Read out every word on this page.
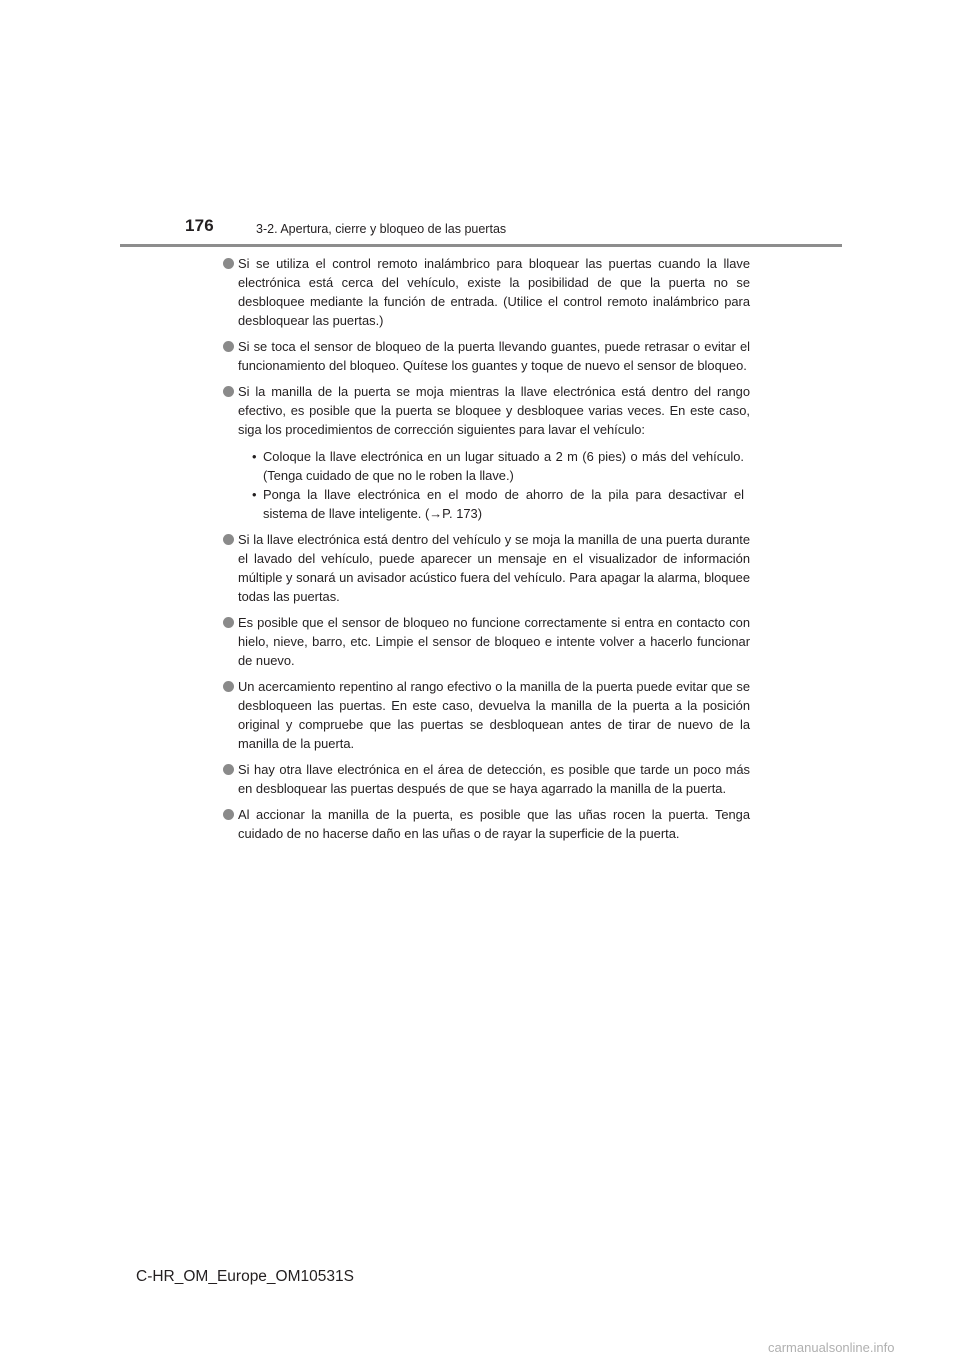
176	3-2. Apertura, cierre y bloqueo de las puertas
Si se utiliza el control remoto inalámbrico para bloquear las puertas cuando la llave electrónica está cerca del vehículo, existe la posibilidad de que la puerta no se desbloquee mediante la función de entrada. (Utilice el control remoto inalámbrico para desbloquear las puertas.)
Si se toca el sensor de bloqueo de la puerta llevando guantes, puede retrasar o evitar el funcionamiento del bloqueo. Quítese los guantes y toque de nuevo el sensor de bloqueo.
Si la manilla de la puerta se moja mientras la llave electrónica está dentro del rango efectivo, es posible que la puerta se bloquee y desbloquee varias veces. En este caso, siga los procedimientos de corrección siguientes para lavar el vehículo:
• Coloque la llave electrónica en un lugar situado a 2 m (6 pies) o más del vehículo. (Tenga cuidado de que no le roben la llave.)
• Ponga la llave electrónica en el modo de ahorro de la pila para desactivar el sistema de llave inteligente. (→P. 173)
Si la llave electrónica está dentro del vehículo y se moja la manilla de una puerta durante el lavado del vehículo, puede aparecer un mensaje en el visualizador de información múltiple y sonará un avisador acústico fuera del vehículo. Para apagar la alarma, bloquee todas las puertas.
Es posible que el sensor de bloqueo no funcione correctamente si entra en contacto con hielo, nieve, barro, etc. Limpie el sensor de bloqueo e intente volver a hacerlo funcionar de nuevo.
Un acercamiento repentino al rango efectivo o la manilla de la puerta puede evitar que se desbloqueen las puertas. En este caso, devuelva la manilla de la puerta a la posición original y compruebe que las puertas se desbloquean antes de tirar de nuevo de la manilla de la puerta.
Si hay otra llave electrónica en el área de detección, es posible que tarde un poco más en desbloquear las puertas después de que se haya agarrado la manilla de la puerta.
Al accionar la manilla de la puerta, es posible que las uñas rocen la puerta. Tenga cuidado de no hacerse daño en las uñas o de rayar la superficie de la puerta.
C-HR_OM_Europe_OM10531S
carmanualsonline.info
